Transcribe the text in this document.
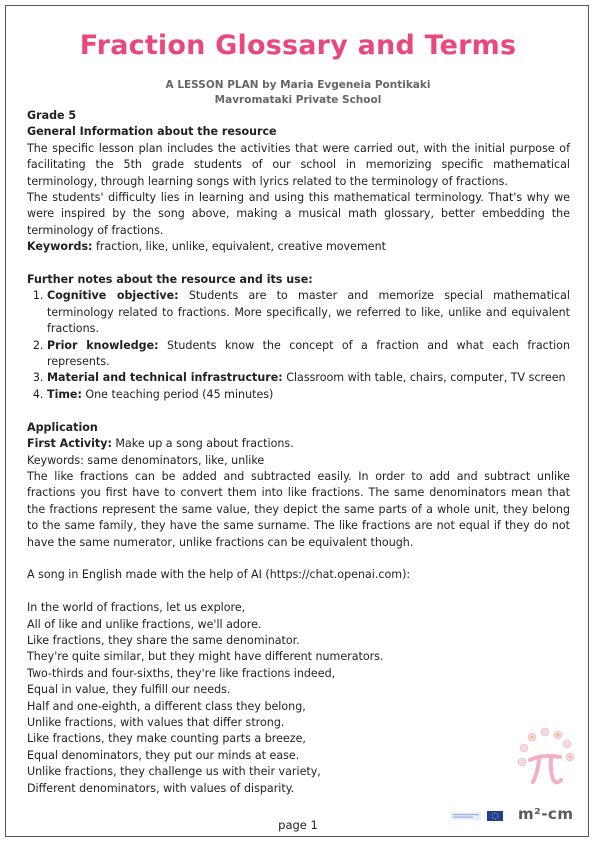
Fraction Glossary and Terms
A LESSON PLAN by Maria Evgeneia Pontikaki
Mavromataki Private School

Grade 5

General Information about the resource

The specific lesson plan includes the activities that were carried out, with the initial purpose of facilitating the 5th grade students of our school in memorizing specific mathematical terminology, through learning songs with lyrics related to the terminology of fractions.

The students' difficulty lies in learning and using this mathematical terminology. That's why we were inspired by the song above, making a musical math glossary, better embedding the terminology of fractions.

Keywords: fraction, like, unlike, equivalent, creative movement

Further notes about the resource and its use:

1. Cognitive objective: Students are to master and memorize special mathematical terminology related to fractions. More specifically, we referred to like, unlike and equivalent fractions.
2. Prior knowledge: Students know the concept of a fraction and what each fraction represents.
3. Material and technical infrastructure: Classroom with table, chairs, computer, TV screen
4. Time: One teaching period (45 minutes)

Application

First Activity: Make up a song about fractions.

Keywords: same denominators, like, unlike

The like fractions can be added and subtracted easily. In order to add and subtract unlike fractions you first have to convert them into like fractions. The same denominators mean that the fractions represent the same value, they depict the same parts of a whole unit, they belong to the same family, they have the same surname. The like fractions are not equal if they do not have the same numerator, unlike fractions can be equivalent though.

A song in English made with the help of AI (https://chat.openai.com):

In the world of fractions, let us explore,

All of like and unlike fractions, we'll adore.

Like fractions, they share the same denominator.

They're quite similar, but they might have different numerators.

Two-thirds and four-sixths, they're like fractions indeed,

Equal in value, they fulfill our needs.

Half and one-eighth, a different class they belong,

Unlike fractions, with values that differ strong.

Like fractions, they make counting parts a breeze,

Equal denominators, they put our minds at ease.

Unlike fractions, they challenge us with their variety,

Different denominators, with values of disparity.

m²-cm
page 1
